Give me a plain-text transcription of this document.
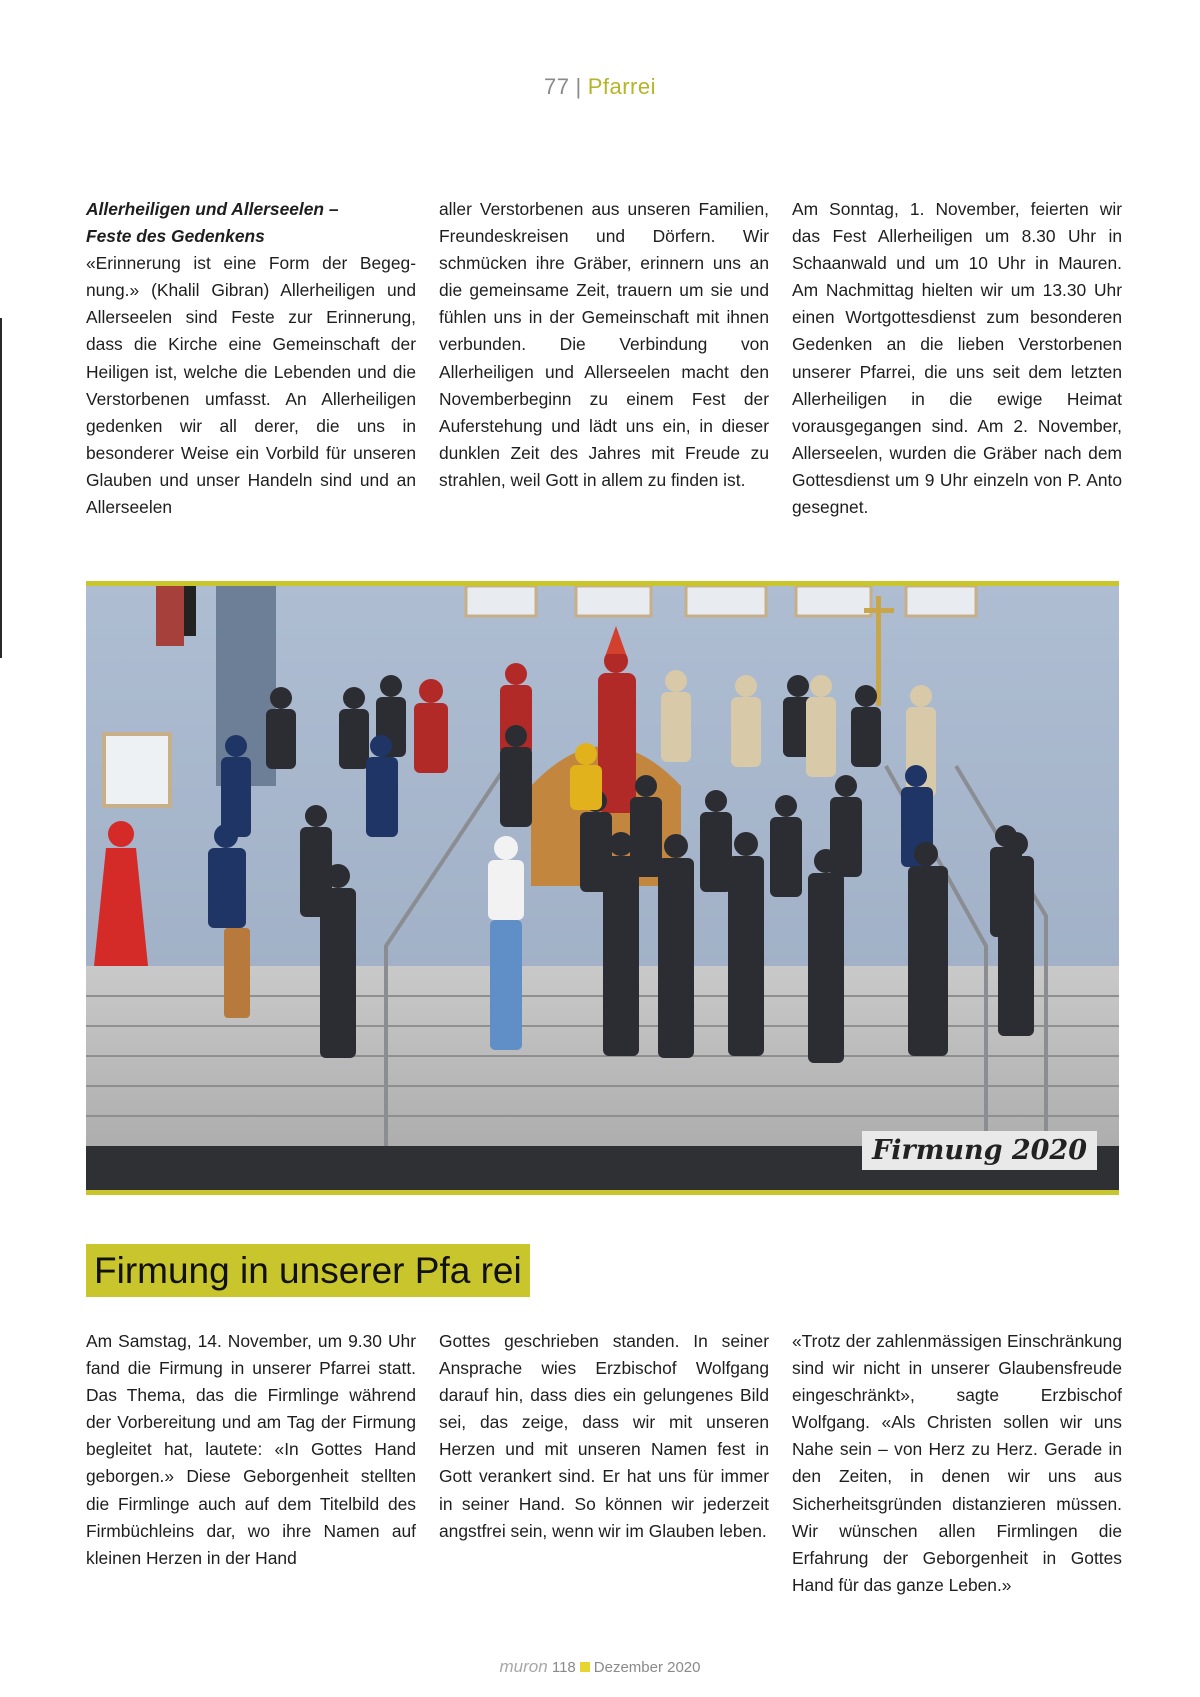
77 | Pfarrei

Allerheiligen und Allerseelen –
Feste des Gedenkens

«Erinnerung ist eine Form der Begegnung.» (Khalil Gibran) Allerheiligen und Allerseelen sind Feste zur Erinnerung, dass die Kirche eine Gemeinschaft der Heiligen ist, welche die Lebenden und die Verstorbenen umfasst. An Allerheiligen gedenken wir all derer, die uns in besonderer Weise ein Vorbild für unseren Glauben und unser Handeln sind und an Allerseelen

aller Verstorbenen aus unseren Familien, Freundeskreisen und Dörfern. Wir schmücken ihre Gräber, erinnern uns an die gemeinsame Zeit, trauern um sie und fühlen uns in der Gemeinschaft mit ihnen verbunden. Die Verbindung von Allerheiligen und Allerseelen macht den Novemberbeginn zu einem Fest der Auferstehung und lädt uns ein, in dieser dunklen Zeit des Jahres mit Freude zu strahlen, weil Gott in allem zu finden ist.

Am Sonntag, 1. November, feierten wir das Fest Allerheiligen um 8.30 Uhr in Schaanwald und um 10 Uhr in Mauren. Am Nachmittag hielten wir um 13.30 Uhr einen Wortgottesdienst zum besonderen Gedenken an die lieben Verstorbenen unserer Pfarrei, die uns seit dem letzten Allerheiligen in die ewige Heimat vorausgegangen sind. Am 2. November, Allerseelen, wurden die Gräber nach dem Gottesdienst um 9 Uhr einzeln von P. Anto gesegnet.

Firmung 2020
Firmung in unserer Pfa rei

Am Samstag, 14. November, um 9.30 Uhr fand die Firmung in unserer Pfarrei statt. Das Thema, das die Firmlinge während der Vorbereitung und am Tag der Firmung begleitet hat, lautete: «In Gottes Hand geborgen.» Diese Geborgenheit stellten die Firmlinge auch auf dem Titelbild des Firmbüchleins dar, wo ihre Namen auf kleinen Herzen in der Hand

Gottes geschrieben standen. In seiner Ansprache wies Erzbischof Wolfgang darauf hin, dass dies ein gelungenes Bild sei, das zeige, dass wir mit unseren Herzen und mit unseren Namen fest in Gott verankert sind. Er hat uns für immer in seiner Hand. So können wir jederzeit angstfrei sein, wenn wir im Glauben leben.

«Trotz der zahlenmässigen Einschränkung sind wir nicht in unserer Glaubensfreude eingeschränkt», sagte Erzbischof Wolfgang. «Als Christen sollen wir uns Nahe sein – von Herz zu Herz. Gerade in den Zeiten, in denen wir uns aus Sicherheitsgründen distanzieren müssen. Wir wünschen allen Firmlingen die Erfahrung der Geborgenheit in Gottes Hand für das ganze Leben.»

muron 118 Dezember 2020
